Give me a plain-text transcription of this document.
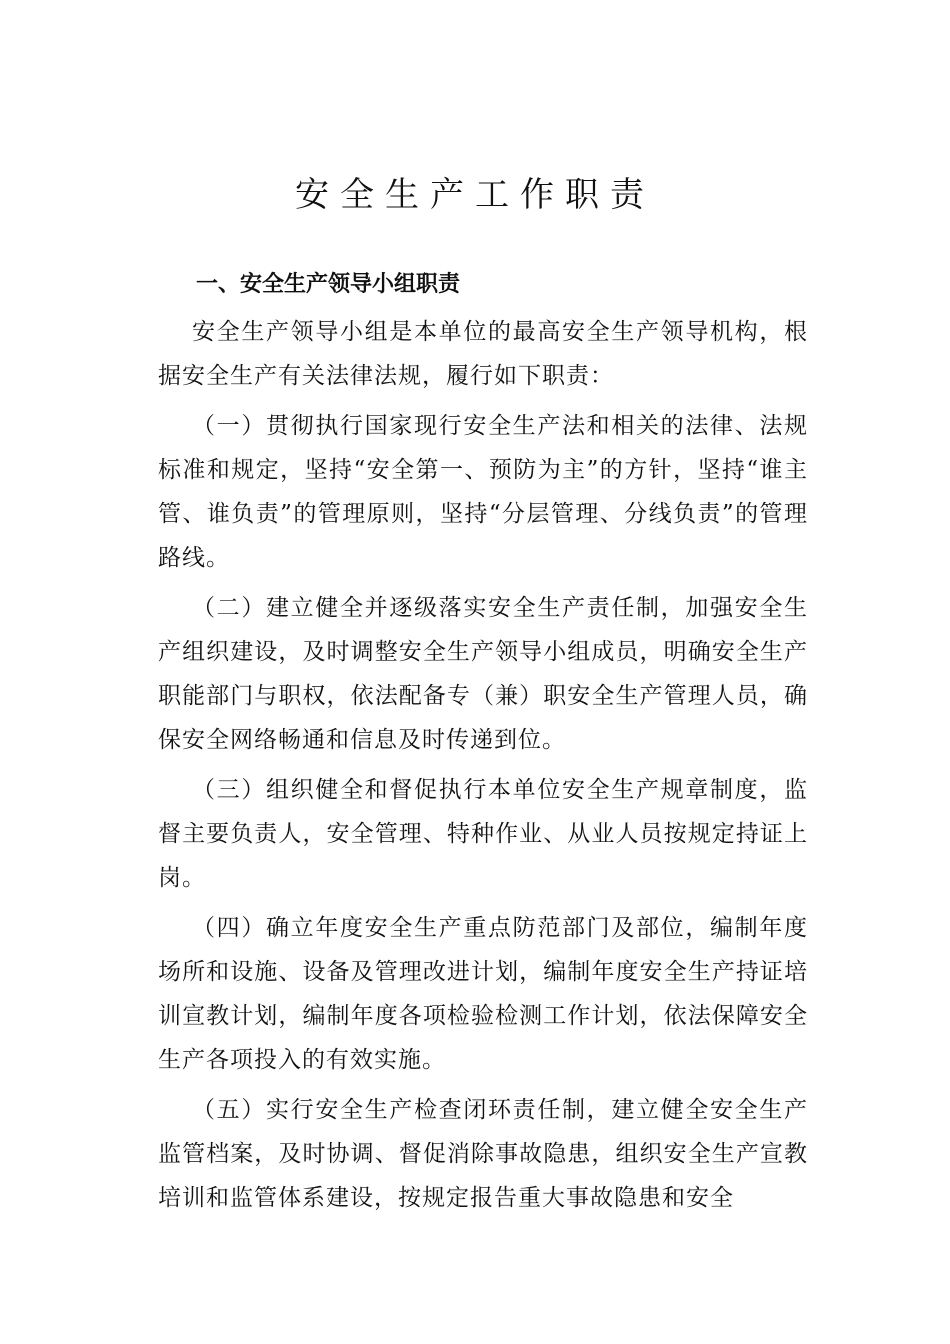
安全生产工作职责
一、安全生产领导小组职责

安全生产领导小组是本单位的最高安全生产领导机构，根据安全生产有关法律法规，履行如下职责：

（一）贯彻执行国家现行安全生产法和相关的法律、法规标准和规定，坚持“安全第一、预防为主”的方针，坚持“谁主管、谁负责”的管理原则，坚持“分层管理、分线负责”的管理路线。

（二）建立健全并逐级落实安全生产责任制，加强安全生产组织建设，及时调整安全生产领导小组成员，明确安全生产职能部门与职权，依法配备专（兼）职安全生产管理人员，确保安全网络畅通和信息及时传递到位。

（三）组织健全和督促执行本单位安全生产规章制度，监督主要负责人，安全管理、特种作业、从业人员按规定持证上岗。

（四）确立年度安全生产重点防范部门及部位，编制年度场所和设施、设备及管理改进计划，编制年度安全生产持证培训宣教计划，编制年度各项检验检测工作计划，依法保障安全生产各项投入的有效实施。

（五）实行安全生产检查闭环责任制，建立健全安全生产监管档案，及时协调、督促消除事故隐患，组织安全生产宣教培训和监管体系建设，按规定报告重大事故隐患和安全
